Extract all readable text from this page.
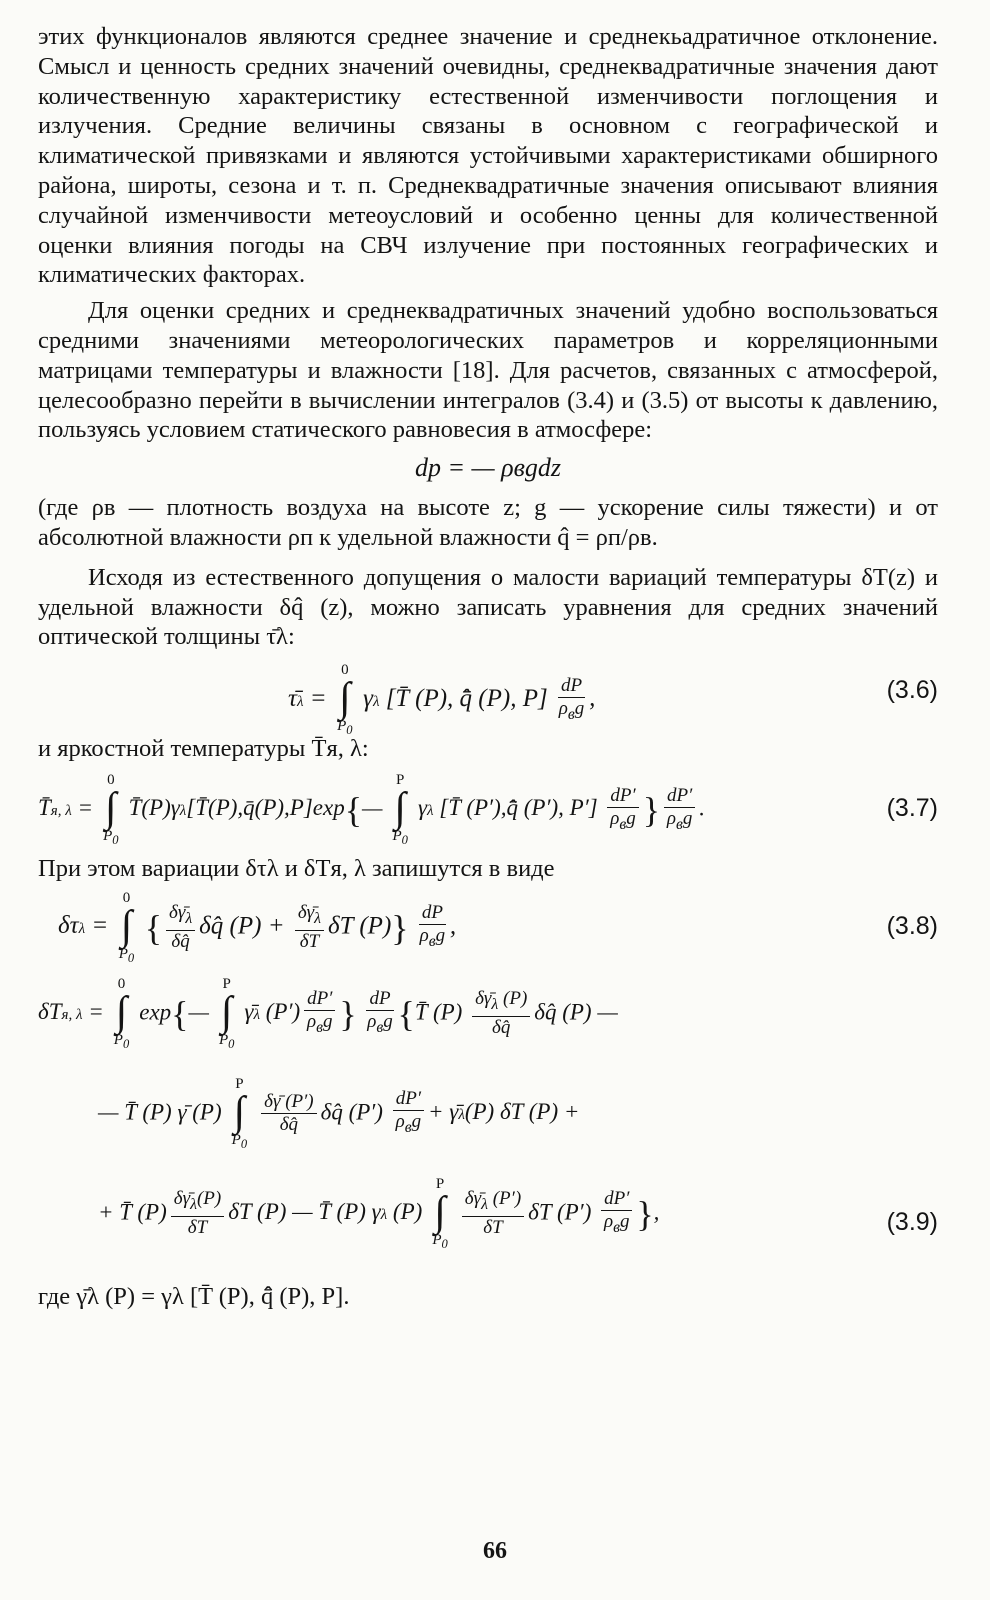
этих функционалов являются среднее значение и среднекьадратичное отклонение. Смысл и ценность средних значений очевидны, среднеквадратичные значения дают количественную характеристику естественной изменчивости поглощения и излучения. Средние величины связаны в основном с географической и климатической привязками и являются устойчивыми характеристиками обширного района, широты, сезона и т. п. Среднеквадратичные значения описывают влияния случайной изменчивости метеоусловий и особенно ценны для количественной оценки влияния погоды на СВЧ излучение при постоянных географических и климатических факторах.

Для оценки средних и среднеквадратичных значений удобно воспользоваться средними значениями метеорологических параметров и корреляционными матрицами температуры и влажности [18]. Для расчетов, связанных с атмосферой, целесообразно перейти в вычислении интегралов (3.4) и (3.5) от высоты к давлению, пользуясь условием статического равновесия в атмосфере:

dp = — ρвgdz

(где ρв — плотность воздуха на высоте z; g — ускорение силы тяжести) и от абсолютной влажности ρп к удельной влажности q̂ = ρп/ρв.

Исходя из естественного допущения о малости вариаций температуры δT(z) и удельной влажности δq̂ (z), можно записать уравнения для средних значений оптической толщины τ̄λ:

τ̄λ =
0
∫
$P_0$
γλ [T̄ (P), q̄̂ (P), $P] \frac{dP}{\rho_вg}$ ,	(3.6)

и яркостной температуры T̄я, λ:

T̄я, λ =
0
∫
$P_0$
T̄(P)γλ[T̄(P),q̄(P),P]exp{—
P
∫
$P_0$
γλ [T̄ (P′),q̄̂ (P′), $P'] \frac{dP'}{\rho_вg}$ } $\frac{dP'}{\rho_вg}$ .	(3.7)

При этом вариации δτλ и δTя, λ запишутся в виде

δτλ =
0
∫
$P_0$
{ $\frac{\delta\gammā_\lambda}{\delta q̂}$ δq̂ $(P) + \frac{\delta\gammā_\lambda}{\delta T}$ δT $(P)\} \frac{dP}{\rho_вg}$ ,	(3.8)
δTя, λ =
0
∫
$P_0$
exp{—
P
∫
$P_0$
γ̄λ $(P') \frac{dP'}{\rho_вg}$ } $\frac{dP}{\rho_вg}$ {T̄ $(P) \frac{\delta\gammā_\lambda (P)}{\delta q̂}$ δq̂ (P) —
— T̄ (P) γ̄ (P)
P
∫
$P_0$

$\frac{\delta\gammā (P')}{\delta q̂}$ δq̂ $(P') \frac{dP'}{\rho_вg}$ + γ̄λ(P) δT (P) +
+ T̄ $(P) \frac{\delta\gammā_\lambda(P)}{\delta T}$ δT (P) — T̄ (P) γλ (P)
P
∫
$P_0$

$\frac{\delta\gammā_\lambda (P')}{\delta T}$ δT $(P') \frac{dP'}{\rho_вg}$ },	(3.9)

где γ̄λ (P) = γλ [T̄ (P), q̄̂ (P), P].

66
